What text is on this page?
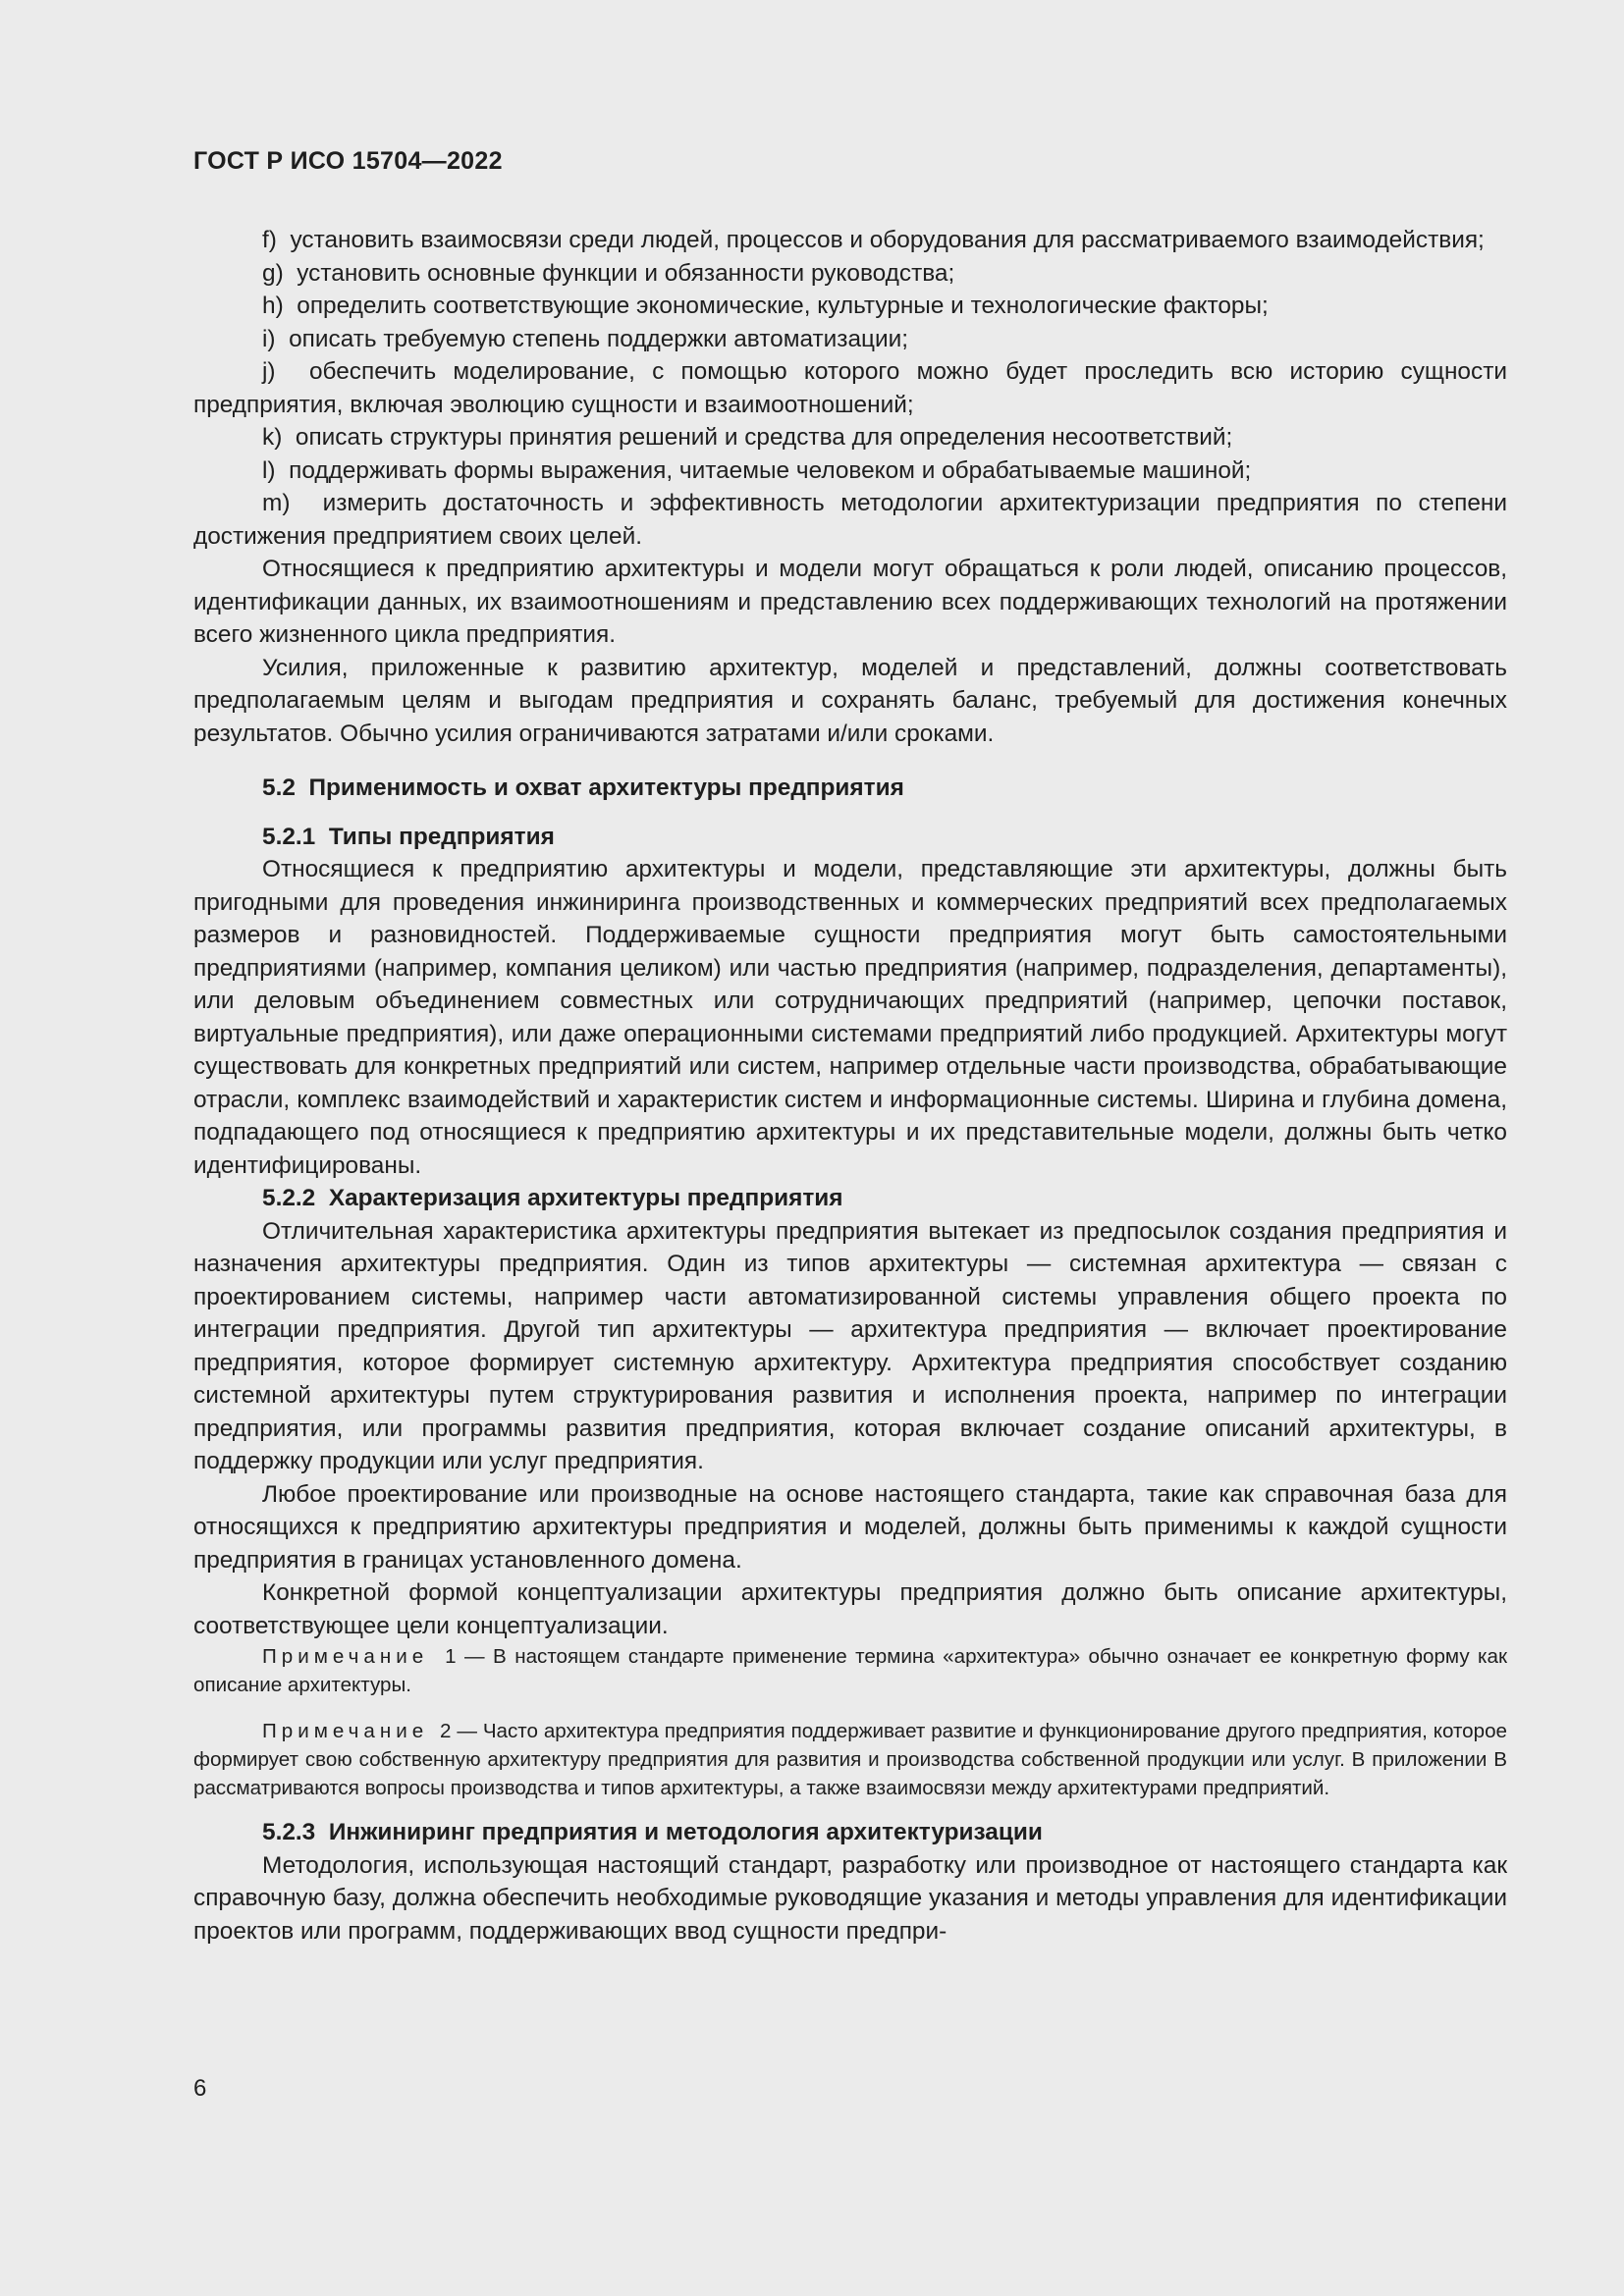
ГОСТ Р ИСО 15704—2022

f) установить взаимосвязи среди людей, процессов и оборудования для рассматриваемого взаимодействия;

g) установить основные функции и обязанности руководства;

h) определить соответствующие экономические, культурные и технологические факторы;

i) описать требуемую степень поддержки автоматизации;

j) обеспечить моделирование, с помощью которого можно будет проследить всю историю сущности предприятия, включая эволюцию сущности и взаимоотношений;

k) описать структуры принятия решений и средства для определения несоответствий;

l) поддерживать формы выражения, читаемые человеком и обрабатываемые машиной;

m) измерить достаточность и эффективность методологии архитектуризации предприятия по степени достижения предприятием своих целей.

Относящиеся к предприятию архитектуры и модели могут обращаться к роли людей, описанию процессов, идентификации данных, их взаимоотношениям и представлению всех поддерживающих технологий на протяжении всего жизненного цикла предприятия.

Усилия, приложенные к развитию архитектур, моделей и представлений, должны соответствовать предполагаемым целям и выгодам предприятия и сохранять баланс, требуемый для достижения конечных результатов. Обычно усилия ограничиваются затратами и/или сроками.

5.2 Применимость и охват архитектуры предприятия
5.2.1 Типы предприятия

Относящиеся к предприятию архитектуры и модели, представляющие эти архитектуры, должны быть пригодными для проведения инжиниринга производственных и коммерческих предприятий всех предполагаемых размеров и разновидностей. Поддерживаемые сущности предприятия могут быть самостоятельными предприятиями (например, компания целиком) или частью предприятия (например, подразделения, департаменты), или деловым объединением совместных или сотрудничающих предприятий (например, цепочки поставок, виртуальные предприятия), или даже операционными системами предприятий либо продукцией. Архитектуры могут существовать для конкретных предприятий или систем, например отдельные части производства, обрабатывающие отрасли, комплекс взаимодействий и характеристик систем и информационные системы. Ширина и глубина домена, подпадающего под относящиеся к предприятию архитектуры и их представительные модели, должны быть четко идентифицированы.

5.2.2 Характеризация архитектуры предприятия

Отличительная характеристика архитектуры предприятия вытекает из предпосылок создания предприятия и назначения архитектуры предприятия. Один из типов архитектуры — системная архитектура — связан с проектированием системы, например части автоматизированной системы управления общего проекта по интеграции предприятия. Другой тип архитектуры — архитектура предприятия — включает проектирование предприятия, которое формирует системную архитектуру. Архитектура предприятия способствует созданию системной архитектуры путем структурирования развития и исполнения проекта, например по интеграции предприятия, или программы развития предприятия, которая включает создание описаний архитектуры, в поддержку продукции или услуг предприятия.

Любое проектирование или производные на основе настоящего стандарта, такие как справочная база для относящихся к предприятию архитектуры предприятия и моделей, должны быть применимы к каждой сущности предприятия в границах установленного домена.

Конкретной формой концептуализации архитектуры предприятия должно быть описание архитектуры, соответствующее цели концептуализации.

Примечание 1 — В настоящем стандарте применение термина «архитектура» обычно означает ее конкретную форму как описание архитектуры.

Примечание 2 — Часто архитектура предприятия поддерживает развитие и функционирование другого предприятия, которое формирует свою собственную архитектуру предприятия для развития и производства собственной продукции или услуг. В приложении В рассматриваются вопросы производства и типов архитектуры, а также взаимосвязи между архитектурами предприятий.

5.2.3 Инжиниринг предприятия и методология архитектуризации

Методология, использующая настоящий стандарт, разработку или производное от настоящего стандарта как справочную базу, должна обеспечить необходимые руководящие указания и методы управления для идентификации проектов или программ, поддерживающих ввод сущности предпри-

6
